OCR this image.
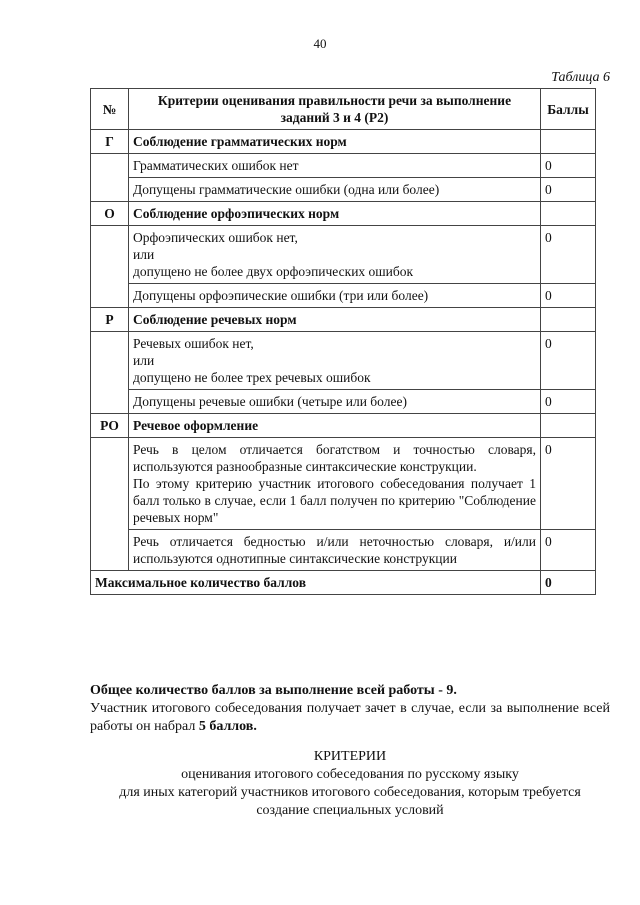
40
Таблица 6
№	Критерии оценивания правильности речи за выполнение заданий 3 и 4 (Р2)	Баллы
Г	Соблюдение грамматических норм	

	Грамматических ошибок нет	0

	Допущены грамматические ошибки (одна или более)	0
О	Соблюдение орфоэпических норм	

	Орфоэпических ошибок нет,
или
допущено не более двух орфоэпических ошибок	0

	Допущены орфоэпические ошибки (три или более)	0
Р	Соблюдение речевых норм	

	Речевых ошибок нет,
или
допущено не более трех речевых ошибок	0

	Допущены речевые ошибки (четыре или более)	0
РО	Речевое оформление	

	Речь в целом отличается богатством и точностью словаря, используются разнообразные синтаксические конструкции.
По этому критерию участник итогового собеседования получает 1 балл только в случае, если 1 балл получен по критерию "Соблюдение речевых норм"	0

	Речь отличается бедностью и/или неточностью словаря, и/или используются однотипные синтаксические конструкции	0
Максимальное количество баллов		0
Общее количество баллов за выполнение всей работы - 9.
Участник итогового собеседования получает зачет в случае, если за выполнение всей работы он набрал 5 баллов.
КРИТЕРИИ
оценивания итогового собеседования по русскому языку
для иных категорий участников итогового собеседования, которым требуется
создание специальных условий
